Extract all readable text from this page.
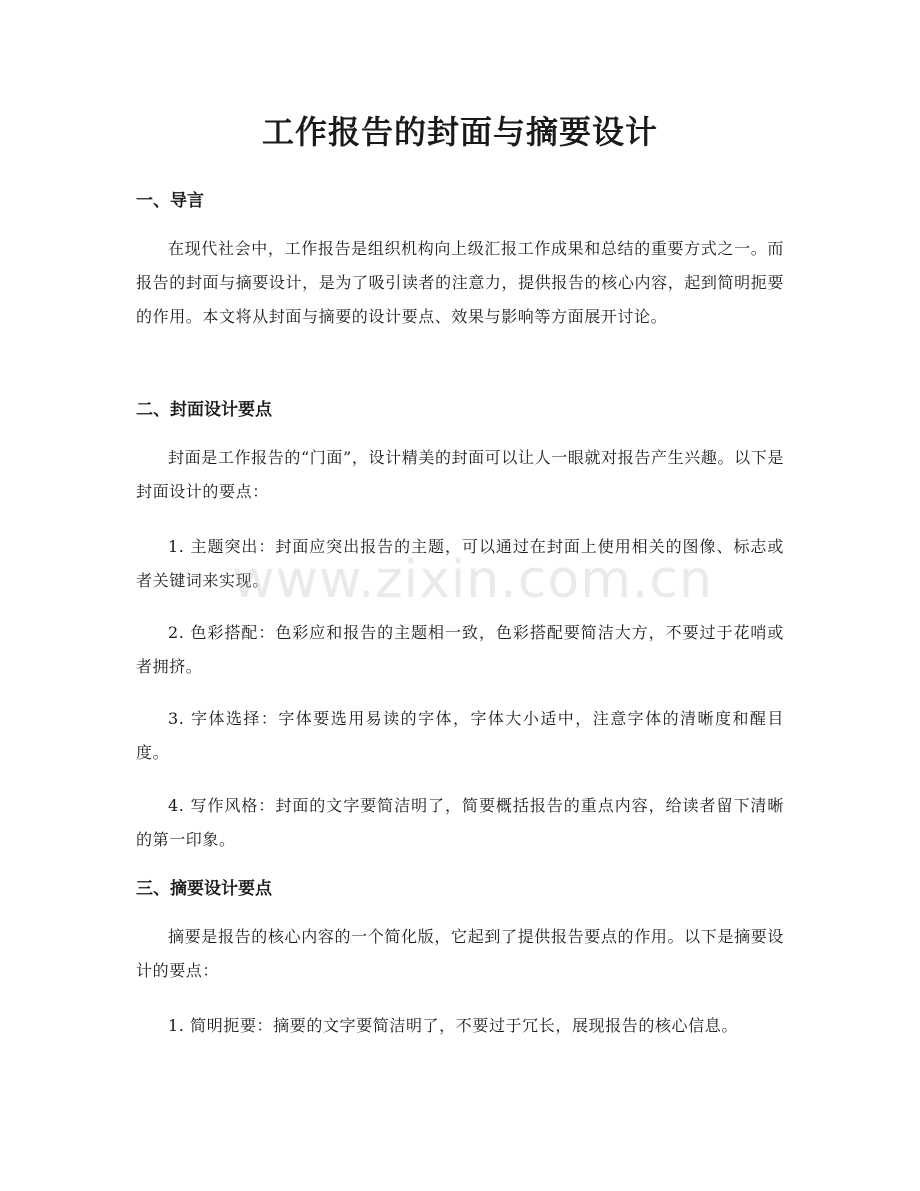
工作报告的封面与摘要设计
一、导言

在现代社会中，工作报告是组织机构向上级汇报工作成果和总结的重要方式之一。而报告的封面与摘要设计，是为了吸引读者的注意力，提供报告的核心内容，起到简明扼要的作用。本文将从封面与摘要的设计要点、效果与影响等方面展开讨论。

二、封面设计要点

封面是工作报告的“门面”，设计精美的封面可以让人一眼就对报告产生兴趣。以下是封面设计的要点：

1. 主题突出：封面应突出报告的主题，可以通过在封面上使用相关的图像、标志或者关键词来实现。

2. 色彩搭配：色彩应和报告的主题相一致，色彩搭配要简洁大方，不要过于花哨或者拥挤。

3. 字体选择：字体要选用易读的字体，字体大小适中，注意字体的清晰度和醒目度。

4. 写作风格：封面的文字要简洁明了，简要概括报告的重点内容，给读者留下清晰的第一印象。

三、摘要设计要点

摘要是报告的核心内容的一个简化版，它起到了提供报告要点的作用。以下是摘要设计的要点：

1. 简明扼要：摘要的文字要简洁明了，不要过于冗长，展现报告的核心信息。

www.zixin.com.cn
